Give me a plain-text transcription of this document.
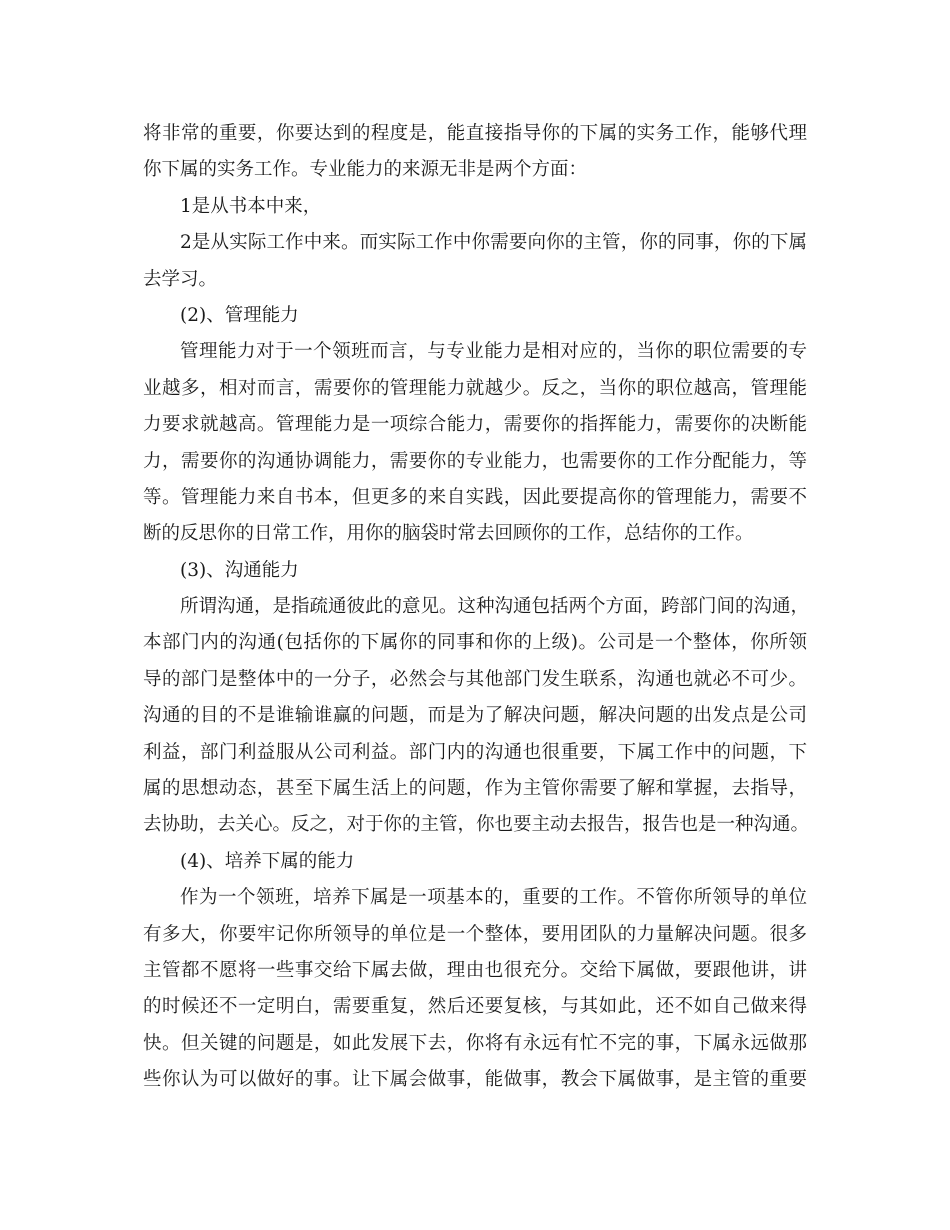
将非常的重要，你要达到的程度是，能直接指导你的下属的实务工作，能够代理
你下属的实务工作。专业能力的来源无非是两个方面：
1是从书本中来，
2是从实际工作中来。而实际工作中你需要向你的主管，你的同事，你的下属
去学习。
(2)、管理能力
管理能力对于一个领班而言，与专业能力是相对应的，当你的职位需要的专
业越多，相对而言，需要你的管理能力就越少。反之，当你的职位越高，管理能
力要求就越高。管理能力是一项综合能力，需要你的指挥能力，需要你的决断能
力，需要你的沟通协调能力，需要你的专业能力，也需要你的工作分配能力，等
等。管理能力来自书本，但更多的来自实践，因此要提高你的管理能力，需要不
断的反思你的日常工作，用你的脑袋时常去回顾你的工作，总结你的工作。
(3)、沟通能力
所谓沟通，是指疏通彼此的意见。这种沟通包括两个方面，跨部门间的沟通，
本部门内的沟通(包括你的下属你的同事和你的上级)。公司是一个整体，你所领
导的部门是整体中的一分子，必然会与其他部门发生联系，沟通也就必不可少。
沟通的目的不是谁输谁赢的问题，而是为了解决问题，解决问题的出发点是公司
利益，部门利益服从公司利益。部门内的沟通也很重要，下属工作中的问题，下
属的思想动态，甚至下属生活上的问题，作为主管你需要了解和掌握，去指导，
去协助，去关心。反之，对于你的主管，你也要主动去报告，报告也是一种沟通。
(4)、培养下属的能力
作为一个领班，培养下属是一项基本的，重要的工作。不管你所领导的单位
有多大，你要牢记你所领导的单位是一个整体，要用团队的力量解决问题。很多
主管都不愿将一些事交给下属去做，理由也很充分。交给下属做，要跟他讲，讲
的时候还不一定明白，需要重复，然后还要复核，与其如此，还不如自己做来得
快。但关键的问题是，如此发展下去，你将有永远有忙不完的事，下属永远做那
些你认为可以做好的事。让下属会做事，能做事，教会下属做事，是主管的重要
